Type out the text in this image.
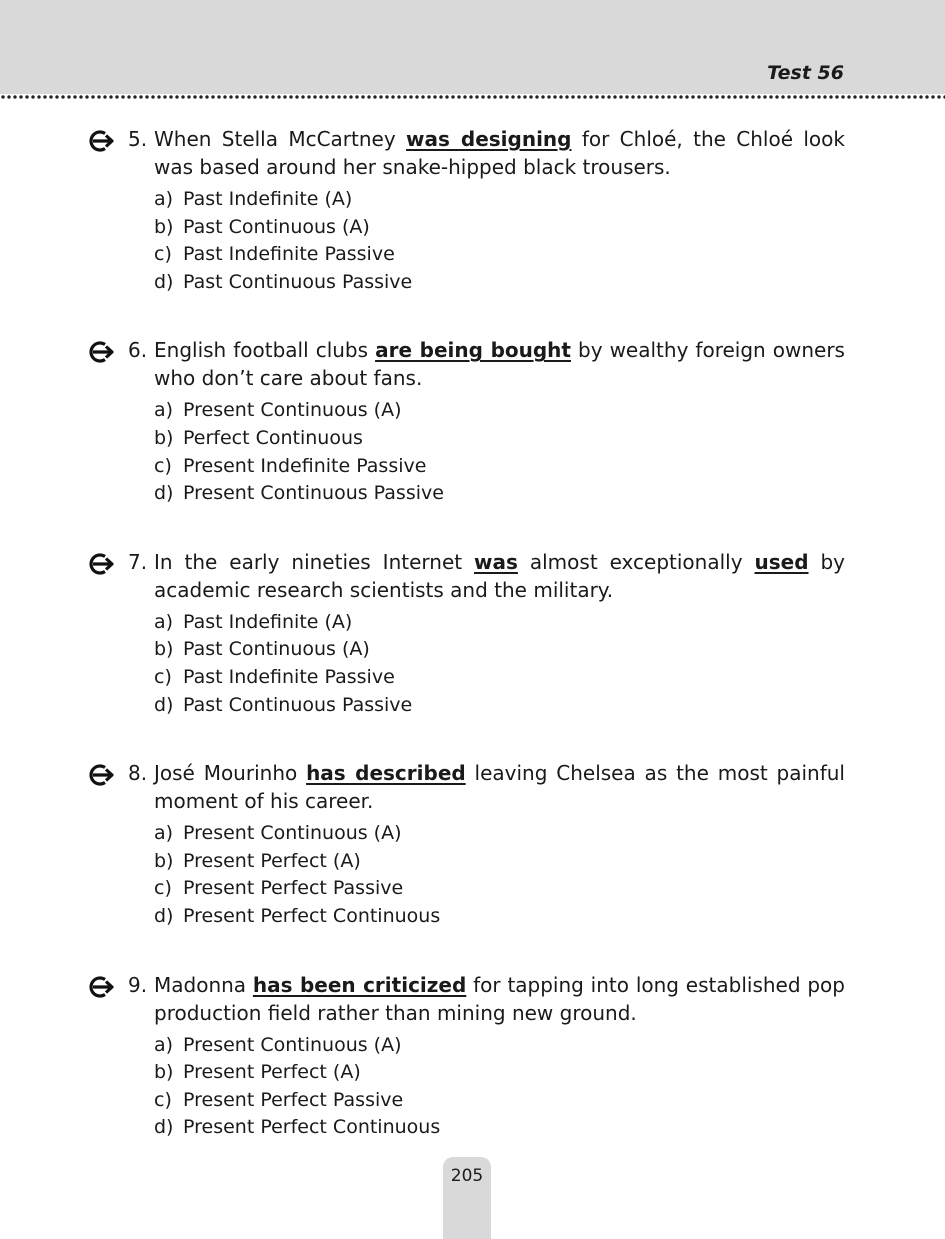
Test 56
5. When Stella McCartney was designing for Chloé, the Chloé look was based around her snake-hipped black trousers.
a) Past Indefinite (A)
b) Past Continuous (A)
c) Past Indefinite Passive
d) Past Continuous Passive
6. English football clubs are being bought by wealthy foreign owners who don’t care about fans.
a) Present Continuous (A)
b) Perfect Continuous
c) Present Indefinite Passive
d) Present Continuous Passive
7. In the early nineties Internet was almost exceptionally used by academic research scientists and the military.
a) Past Indefinite (A)
b) Past Continuous (A)
c) Past Indefinite Passive
d) Past Continuous Passive
8. José Mourinho has described leaving Chelsea as the most painful moment of his career.
a) Present Continuous (A)
b) Present Perfect (A)
c) Present Perfect Passive
d) Present Perfect Continuous
9. Madonna has been criticized for tapping into long established pop production field rather than mining new ground.
a) Present Continuous (A)
b) Present Perfect (A)
c) Present Perfect Passive
d) Present Perfect Continuous
205
